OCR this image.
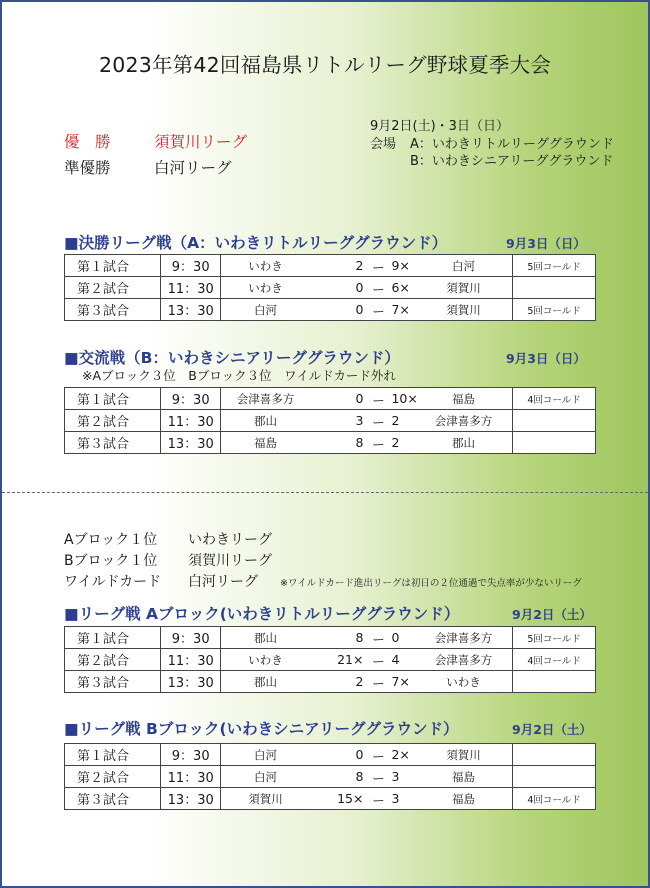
2023年第42回福島県リトルリーグ野球夏季大会
優　勝	須賀川リーグ
準優勝	白河リーグ
9月2日(土)・3日（日）
会場 A：いわきリトルリーググラウンド
B：いわきシニアリーググラウンド
■決勝リーグ戦（A：いわきリトルリーググラウンド）	9月3日（日）
第１試合	9：30	いわき 2 ー 9× 白河	5回コールド
第２試合	11：30	いわき 0 ー 6× 須賀川	

第３試合	13：30	白河 0 ー 7× 須賀川	5回コールド
■交流戦（B：いわきシニアリーググラウンド）	9月3日（日）
※Aブロック３位　Bブロック３位　ワイルドカード外れ
第１試合	9：30	会津喜多方 0 ー 10× 福島	4回コールド
第２試合	11：30	郡山 3 ー 2 会津喜多方	

第３試合	13：30	福島 8 ー 2 郡山	

Aブロック１位 いわきリーグ
Bブロック１位 須賀川リーグ
ワイルドカード 白河リーグ ※ワイルドカード進出リーグは初日の２位通過で失点率が少ないリーグ
■リーグ戦 Aブロック(いわきリトルリーググラウンド）	9月2日（土）
第１試合	9：30	郡山 8 ー 0 会津喜多方	5回コールド
第２試合	11：30	いわき 21× ー 4 会津喜多方	4回コールド
第３試合	13：30	郡山 2 ー 7× いわき	

■リーグ戦 Bブロック(いわきシニアリーググラウンド）	9月2日（土）
第１試合	9：30	白河 0 ー 2× 須賀川	

第２試合	11：30	白河 8 ー 3 福島	

第３試合	13：30	須賀川 15× ー 3 福島	4回コールド
